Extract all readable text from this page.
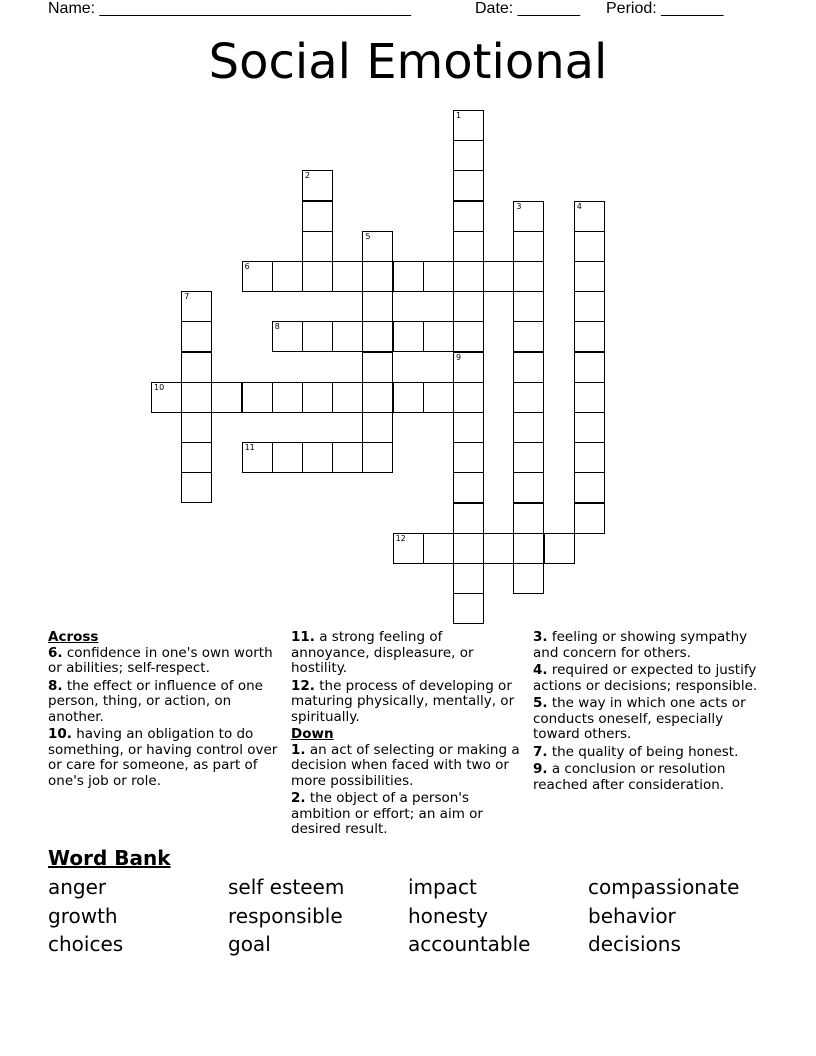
Name: ___________________________________	Date: _______ Period: _______
Social Emotional
1
2
3	4
5
6
7
8
9
10
11
12
Across
6. confidence in one's own worth or abilities; self-respect.
8. the effect or influence of one person, thing, or action, on another.
10. having an obligation to do something, or having control over or care for someone, as part of one's job or role.
11. a strong feeling of annoyance, displeasure, or hostility.
12. the process of developing or maturing physically, mentally, or spiritually.
Down
1. an act of selecting or making a decision when faced with two or more possibilities.
2. the object of a person's ambition or effort; an aim or desired result.
3. feeling or showing sympathy and concern for others.
4. required or expected to justify actions or decisions; responsible.
5. the way in which one acts or conducts oneself, especially toward others.
7. the quality of being honest.
9. a conclusion or resolution reached after consideration.
Word Bank
anger	self esteem	impact	compassionate
growth	responsible	honesty	behavior
choices	goal	accountable	decisions
